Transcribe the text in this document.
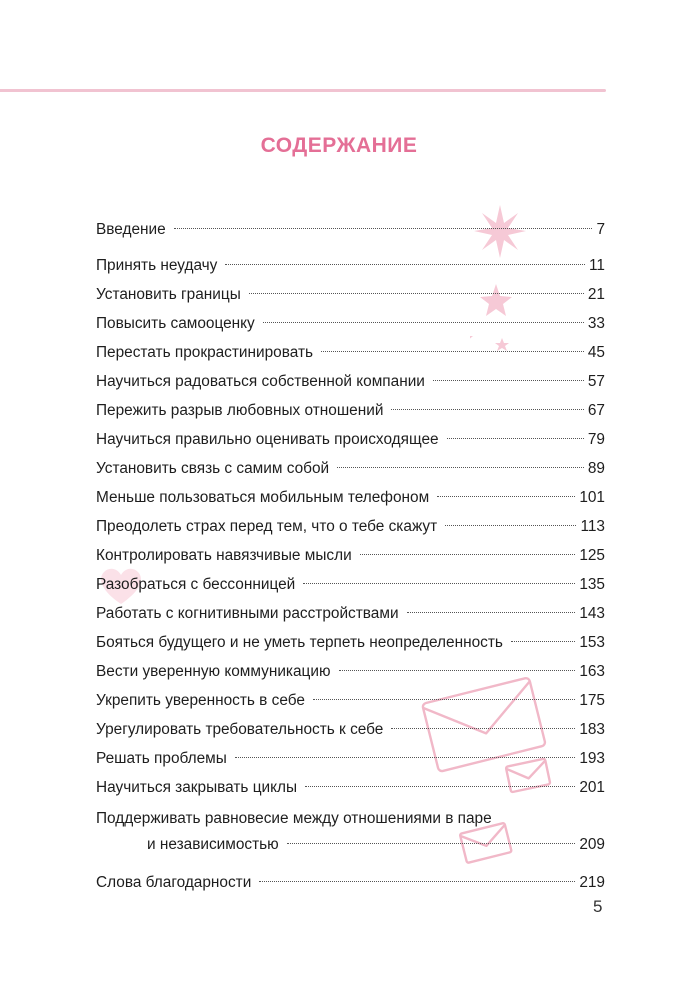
СОДЕРЖАНИЕ
Введение	7
Принять неудачу	11
Установить границы	21
Повысить самооценку	33
Перестать прокрастинировать	45
Научиться радоваться собственной компании	57
Пережить разрыв любовных отношений	67
Научиться правильно оценивать происходящее	79
Установить связь с самим собой	89
Меньше пользоваться мобильным телефоном	101
Преодолеть страх перед тем, что о тебе скажут	113
Контролировать навязчивые мысли	125
Разобраться с бессонницей	135
Работать с когнитивными расстройствами	143
Бояться будущего и не уметь терпеть неопределенность	153
Вести уверенную коммуникацию	163
Укрепить уверенность в себе	175
Урегулировать требовательность к себе	183
Решать проблемы	193
Научиться закрывать циклы	201
Поддерживать равновесие между отношениями в паре
и независимостью	209
Слова благодарности	219
5
